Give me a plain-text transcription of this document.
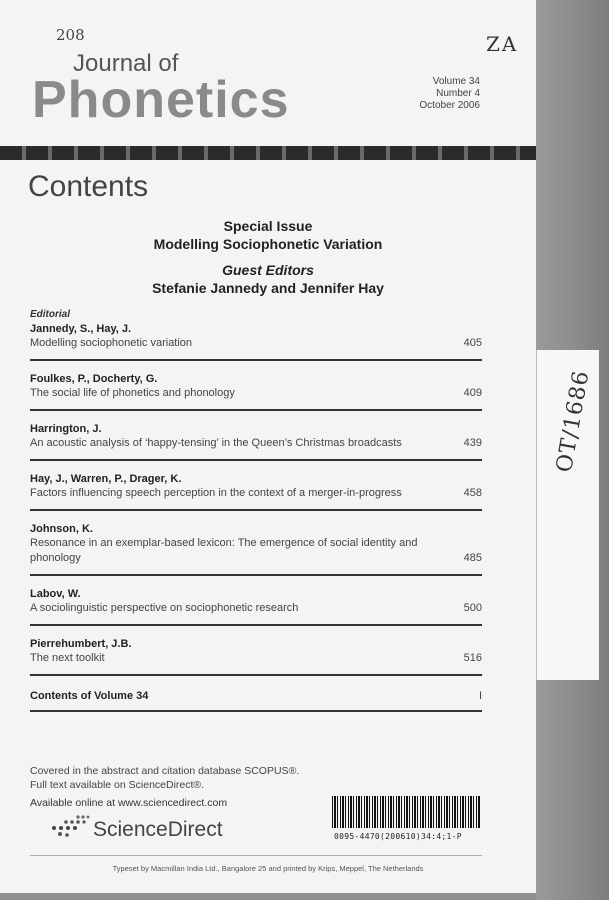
OT/1686
208	ZA
Journal of
Phonetics	Volume 34
Number 4
October 2006
Contents
Special Issue
Modelling Sociophonetic Variation
Guest Editors
Stefanie Jannedy and Jennifer Hay
Editorial
Jannedy, S., Hay, J.
Modelling sociophonetic variation	405
Foulkes, P., Docherty, G.
The social life of phonetics and phonology	409
Harrington, J.
An acoustic analysis of ‘happy-tensing’ in the Queen’s Christmas broadcasts	439
Hay, J., Warren, P., Drager, K.
Factors influencing speech perception in the context of a merger-in-progress	458
Johnson, K.
Resonance in an exemplar-based lexicon: The emergence of social identity and phonology	485
Labov, W.
A sociolinguistic perspective on sociophonetic research	500
Pierrehumbert, J.B.
The next toolkit	516
Contents of Volume 34	I
Covered in the abstract and citation database SCOPUS®. Full text available on ScienceDirect®.
Available online at www.sciencedirect.com
ScienceDirect	0095-4470(200610)34:4;1-P
Typeset by Macmillan India Ltd., Bangalore 25 and printed by Krips, Meppel, The Netherlands
